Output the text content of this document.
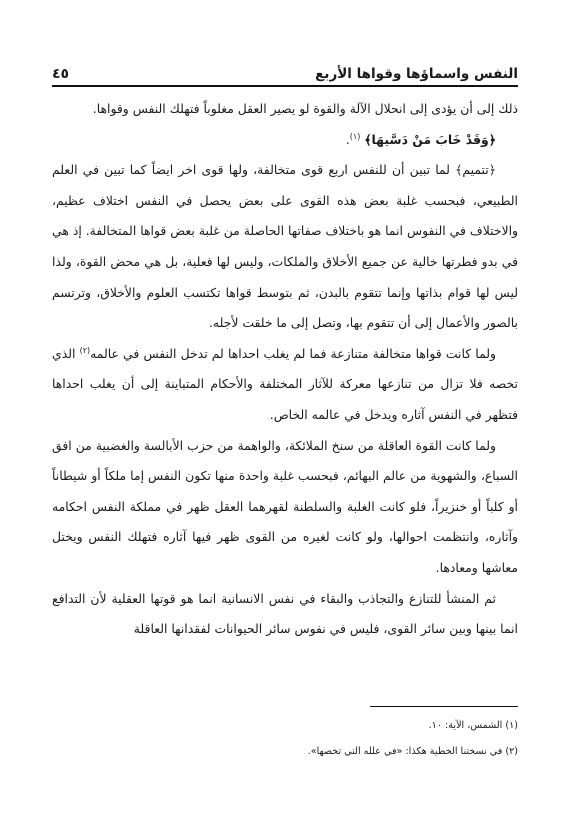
النفس واسماؤها وقواها الأربع
٤٥

ذلك إلى أن يؤدى إلى انحلال الآلة والقوة لو يصير العقل مغلوباً فتهلك النفس وقواها.

﴿وَقَدْ خَابَ مَنْ دَسَّيهَا﴾ $^{(١)}$.

﴿تتميم﴾ لما تبين أن للنفس اربع قوى متخالفة، ولها قوى اخر ايضاً كما تبين في العلم الطبيعي، فبحسب غلبة بعض هذه القوى على بعض يحصل في النفس اختلاف عظيم، والاختلاف في النفوس انما هو باختلاف صفاتها الحاصلة من غلبة بعض قواها المتخالفة. إذ هي في بدو فطرتها خالية عن جميع الأخلاق والملكات، وليس لها فعلية، بل هي محض القوة، ولذا ليس لها قوام بذاتها وإنما تتقوم بالبدن، ثم بتوسط قواها تكتسب العلوم والأخلاق، وترتسم بالصور والأعمال إلى أن تتقوم بها، وتصل إلى ما خلقت لأجله.

ولما كانت قواها متخالفة متنازعة فما لم يغلب احداها لم تدخل النفس في عالمه$^{(٢)}$ الذي تخصه فلا تزال من تنازعها معركة للآثار المختلفة والأحكام المتباينة إلى أن يغلب احداها فتظهر في النفس آثاره ويدخل في عالمه الخاص.

ولما كانت القوة العاقلة من سنخ الملائكة، والواهمة من حزب الأبالسة والغضبية من افق السباع، والشهوية من عالم البهائم، فبحسب غلبة واحدة منها تكون النفس إما ملكاً أو شيطاناً أو كلباً أو خنزيراً، فلو كانت الغلبة والسلطنة لقهرهما العقل ظهر في مملكة النفس احكامه وآثاره، وانتظمت احوالها، ولو كانت لغيره من القوى ظهر فيها آثاره فتهلك النفس ويختل معاشها ومعادها.

ثم المنشأ للتنازع والتجاذب والبقاء في نفس الانسانية انما هو قوتها العقلية لأن التدافع انما بينها وبين سائر القوى، فليس في نفوس سائر الحيوانات لفقدانها العاقلة

(١) الشمس، الآية: ١٠.

(٢) في نسختنا الخطية هكذا: «في علله التي تخصها».
